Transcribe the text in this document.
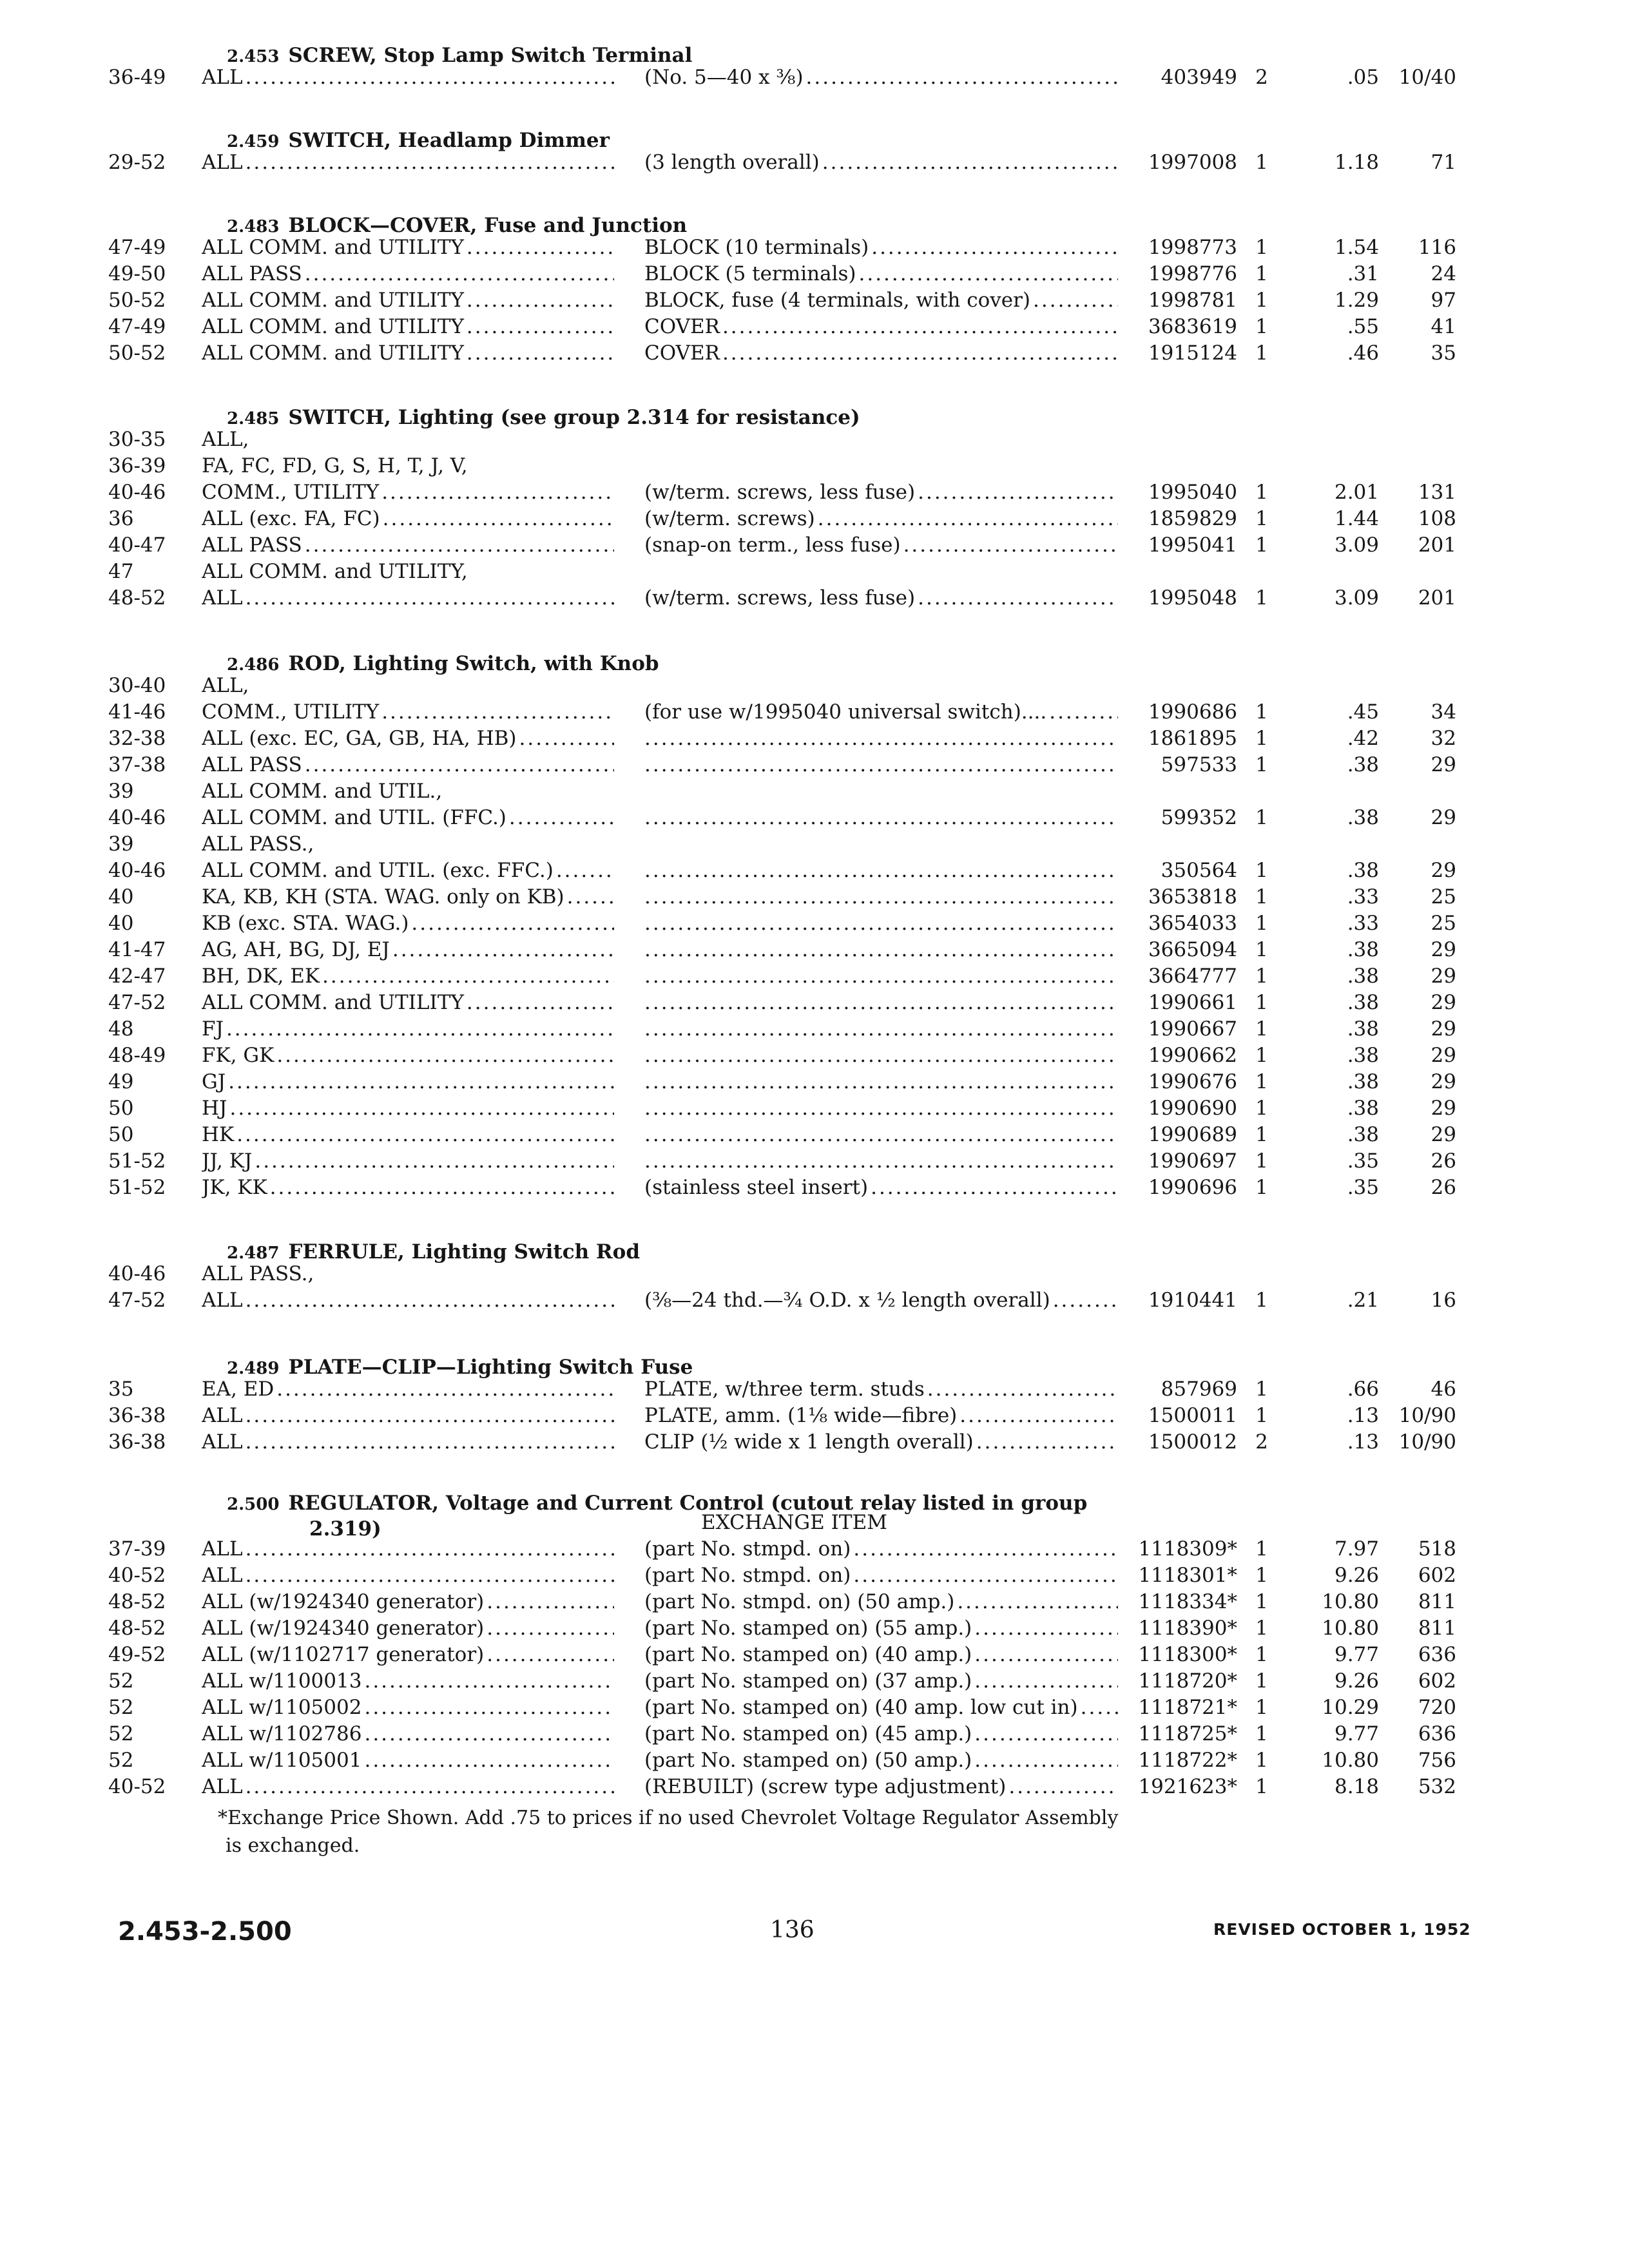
2.453 SCREW, Stop Lamp Switch Terminal
36-49	ALL .....	(No. 5—40 x ⅜) .....	403949 2	.05 10/40
2.459 SWITCH, Headlamp Dimmer
29-52	ALL .....	(3 length overall) .....	1997008 1	1.18	71
2.483 BLOCK—COVER, Fuse and Junction
47-49	ALL COMM. and UTILITY .....	BLOCK (10 terminals) .....	1998773 1	1.54	116
49-50	ALL PASS .....	BLOCK (5 terminals) .....	1998776 1	.31	24
50-52	ALL COMM. and UTILITY .....	BLOCK, fuse (4 terminals, with cover) .....	1998781 1	1.29	97
47-49	ALL COMM. and UTILITY .....	COVER .....	3683619 1	.55	41
50-52	ALL COMM. and UTILITY .....	COVER .....	1915124 1	.46	35
2.485 SWITCH, Lighting (see group 2.314 for resistance)
30-35	ALL,
36-39	FA, FC, FD, G, S, H, T, J, V,
40-46	COMM., UTILITY .....	(w/term. screws, less fuse) .....	1995040 1	2.01	131
36	ALL (exc. FA, FC) .....	(w/term. screws) .....	1859829 1	1.44	108
40-47	ALL PASS .....	(snap-on term., less fuse) .....	1995041 1	3.09	201
47	ALL COMM. and UTILITY,
48-52	ALL .....	(w/term. screws, less fuse) .....	1995048 1	3.09	201
2.486 ROD, Lighting Switch, with Knob
30-40	ALL,
41-46	COMM., UTILITY .....	(for use w/1995040 universal switch).... .....	1990686 1	.45	34
32-38	ALL (exc. EC, GA, GB, HA, HB) ..... .....	1861895 1	.42	32
37-38	ALL PASS ..... .....	597533 1	.38	29
39	ALL COMM. and UTIL.,
40-46	ALL COMM. and UTIL. (FFC.) ..... .....	599352 1	.38	29
39	ALL PASS.,
40-46	ALL COMM. and UTIL. (exc. FFC.) ..... .....	350564 1	.38	29
40	KA, KB, KH (STA. WAG. only on KB) ..... .....	3653818 1	.33	25
40	KB (exc. STA. WAG.) ..... .....	3654033 1	.33	25
41-47	AG, AH, BG, DJ, EJ ..... .....	3665094 1	.38	29
42-47	BH, DK, EK ..... .....	3664777 1	.38	29
47-52	ALL COMM. and UTILITY ..... .....	1990661 1	.38	29
48	FJ ..... .....	1990667 1	.38	29
48-49	FK, GK ..... .....	1990662 1	.38	29
49	GJ ..... .....	1990676 1	.38	29
50	HJ ..... .....	1990690 1	.38	29
50	HK ..... .....	1990689 1	.38	29
51-52	JJ, KJ ..... .....	1990697 1	.35	26
51-52	JK, KK .....	(stainless steel insert) .....	1990696 1	.35	26
2.487 FERRULE, Lighting Switch Rod
40-46	ALL PASS.,
47-52	ALL .....	(⅜—24 thd.—¾ O.D. x ½ length overall) .....	1910441 1	.21	16
2.489 PLATE—CLIP—Lighting Switch Fuse
35	EA, ED .....	PLATE, w/three term. studs .....	857969 1	.66	46
36-38	ALL .....	PLATE, amm. (1⅛ wide—fibre) .....	1500011 1	.13 10/90
36-38	ALL .....	CLIP (½ wide x 1 length overall) .....	1500012 2	.13 10/90
2.500 REGULATOR, Voltage and Current Control (cutout relay listed in group
2.319)	EXCHANGE ITEM
37-39	ALL .....	(part No. stmpd. on) .....	1118309* 1	7.97	518
40-52	ALL .....	(part No. stmpd. on) .....	1118301* 1	9.26	602
48-52	ALL (w/1924340 generator) .....	(part No. stmpd. on) (50 amp.) .....	1118334* 1	10.80	811
48-52	ALL (w/1924340 generator) .....	(part No. stamped on) (55 amp.) .....	1118390* 1	10.80	811
49-52	ALL (w/1102717 generator) .....	(part No. stamped on) (40 amp.) .....	1118300* 1	9.77	636
52	ALL w/1100013 .....	(part No. stamped on) (37 amp.) .....	1118720* 1	9.26	602
52	ALL w/1105002 .....	(part No. stamped on) (40 amp. low cut in) .....	1118721* 1	10.29	720
52	ALL w/1102786 .....	(part No. stamped on) (45 amp.) .....	1118725* 1	9.77	636
52	ALL w/1105001 .....	(part No. stamped on) (50 amp.) .....	1118722* 1	10.80	756
40-52	ALL .....	(REBUILT) (screw type adjustment) .....	1921623* 1	8.18	532
*Exchange Price Shown. Add .75 to prices if no used Chevrolet Voltage Regulator Assembly
is exchanged.
2.453-2.500	136	REVISED OCTOBER 1, 1952
